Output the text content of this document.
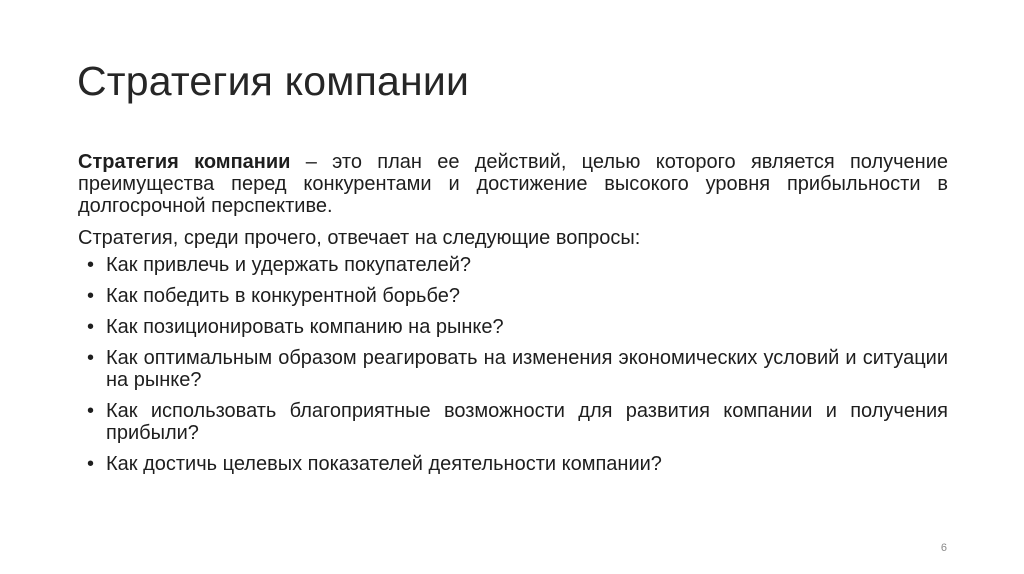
Стратегия компании

Стратегия компании – это план ее действий, целью которого является получение преимущества перед конкурентами и достижение высокого уровня прибыльности в долгосрочной перспективе.

Стратегия, среди прочего, отвечает на следующие вопросы:

• Как привлечь и удержать покупателей?
• Как победить в конкурентной борьбе?
• Как позиционировать компанию на рынке?
• Как оптимальным образом реагировать на изменения экономических условий и ситуации на рынке?
• Как использовать благоприятные возможности для развития компании и получения прибыли?
• Как достичь целевых показателей деятельности компании?
6
